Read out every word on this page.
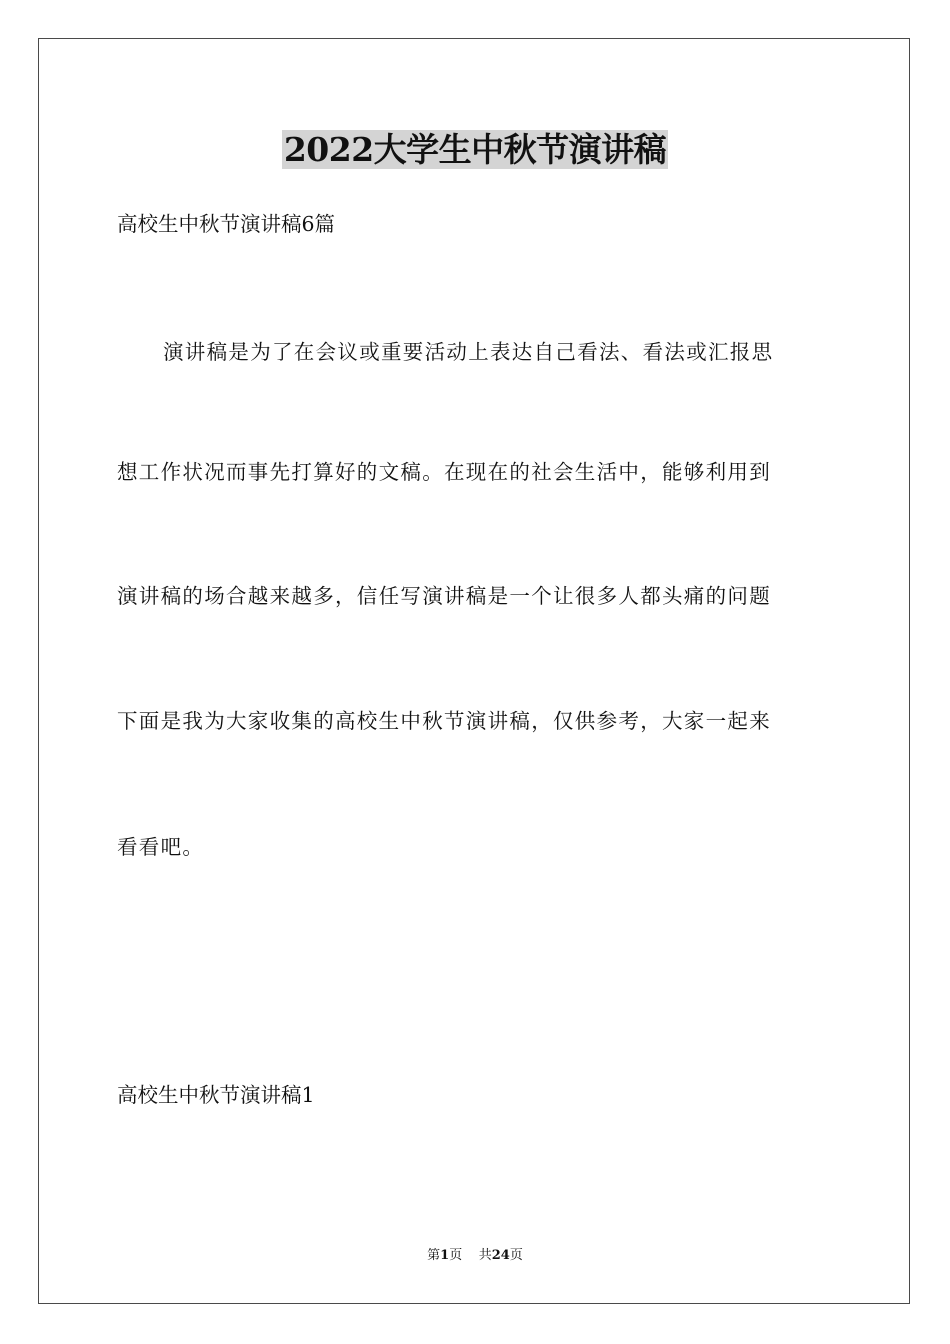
2022大学生中秋节演讲稿

高校生中秋节演讲稿6篇

演讲稿是为了在会议或重要活动上表达自己看法、看法或汇报思

想工作状况而事先打算好的文稿。在现在的社会生活中，能够利用到

演讲稿的场合越来越多，信任写演讲稿是一个让很多人都头痛的问题

下面是我为大家收集的高校生中秋节演讲稿，仅供参考，大家一起来

看看吧。

高校生中秋节演讲稿1

第1页 共24页
